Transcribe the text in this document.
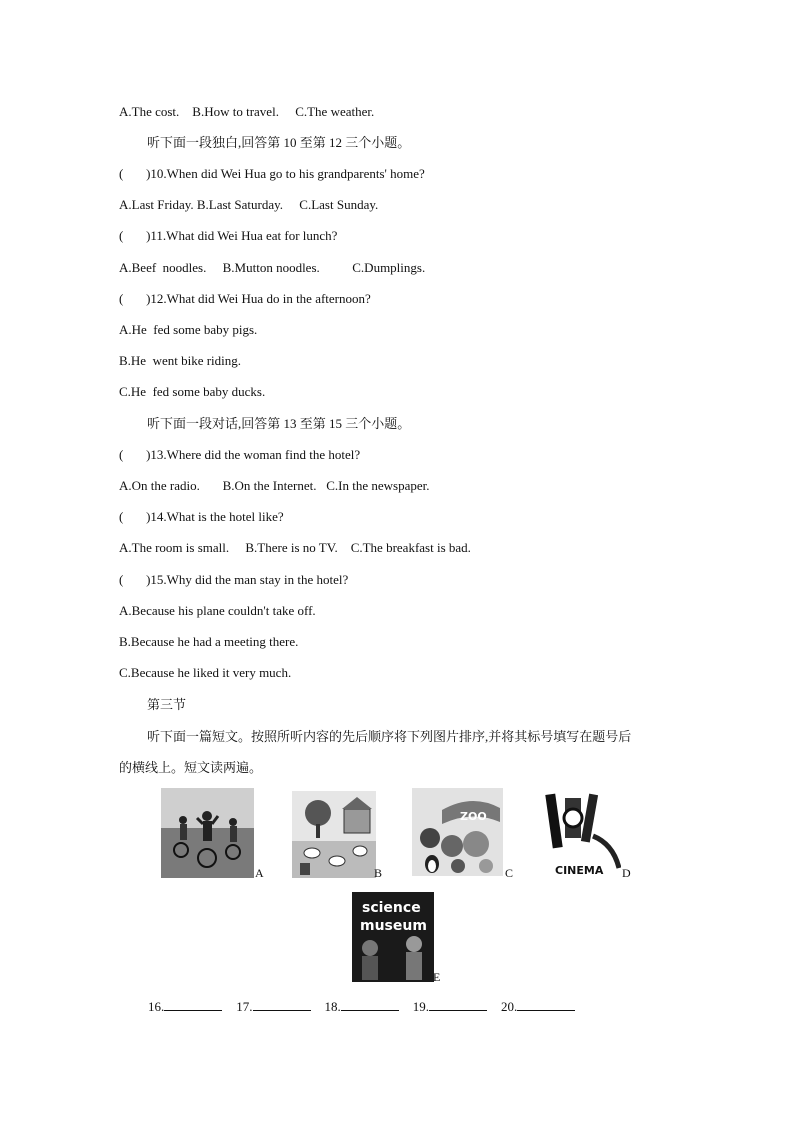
A.The cost.    B.How to travel.     C.The weather.
听下面一段独白,回答第 10 至第 12 三个小题。
(       )10.When did Wei Hua go to his grandparents' home?
A.Last Friday. B.Last Saturday.     C.Last Sunday.
(       )11.What did Wei Hua eat for lunch?
A.Beef  noodles.     B.Mutton noodles.          C.Dumplings.
(       )12.What did Wei Hua do in the afternoon?
A.He  fed some baby pigs.
B.He  went bike riding.
C.He  fed some baby ducks.
听下面一段对话,回答第 13 至第 15 三个小题。
(       )13.Where did the woman find the hotel?
A.On the radio.       B.On the Internet.   C.In the newspaper.
(       )14.What is the hotel like?
A.The room is small.     B.There is no TV.    C.The breakfast is bad.
(       )15.Why did the man stay in the hotel?
A.Because his plane couldn't take off.
B.Because he had a meeting there.
C.Because he liked it very much.
第三节
听下面一篇短文。按照所听内容的先后顺序将下列图片排序,并将其标号填写在题号后
的横线上。短文读两遍。
A	B
ZOO
C	CINEMA D
science
museum
E
16.	17.	18.	19.	20.
